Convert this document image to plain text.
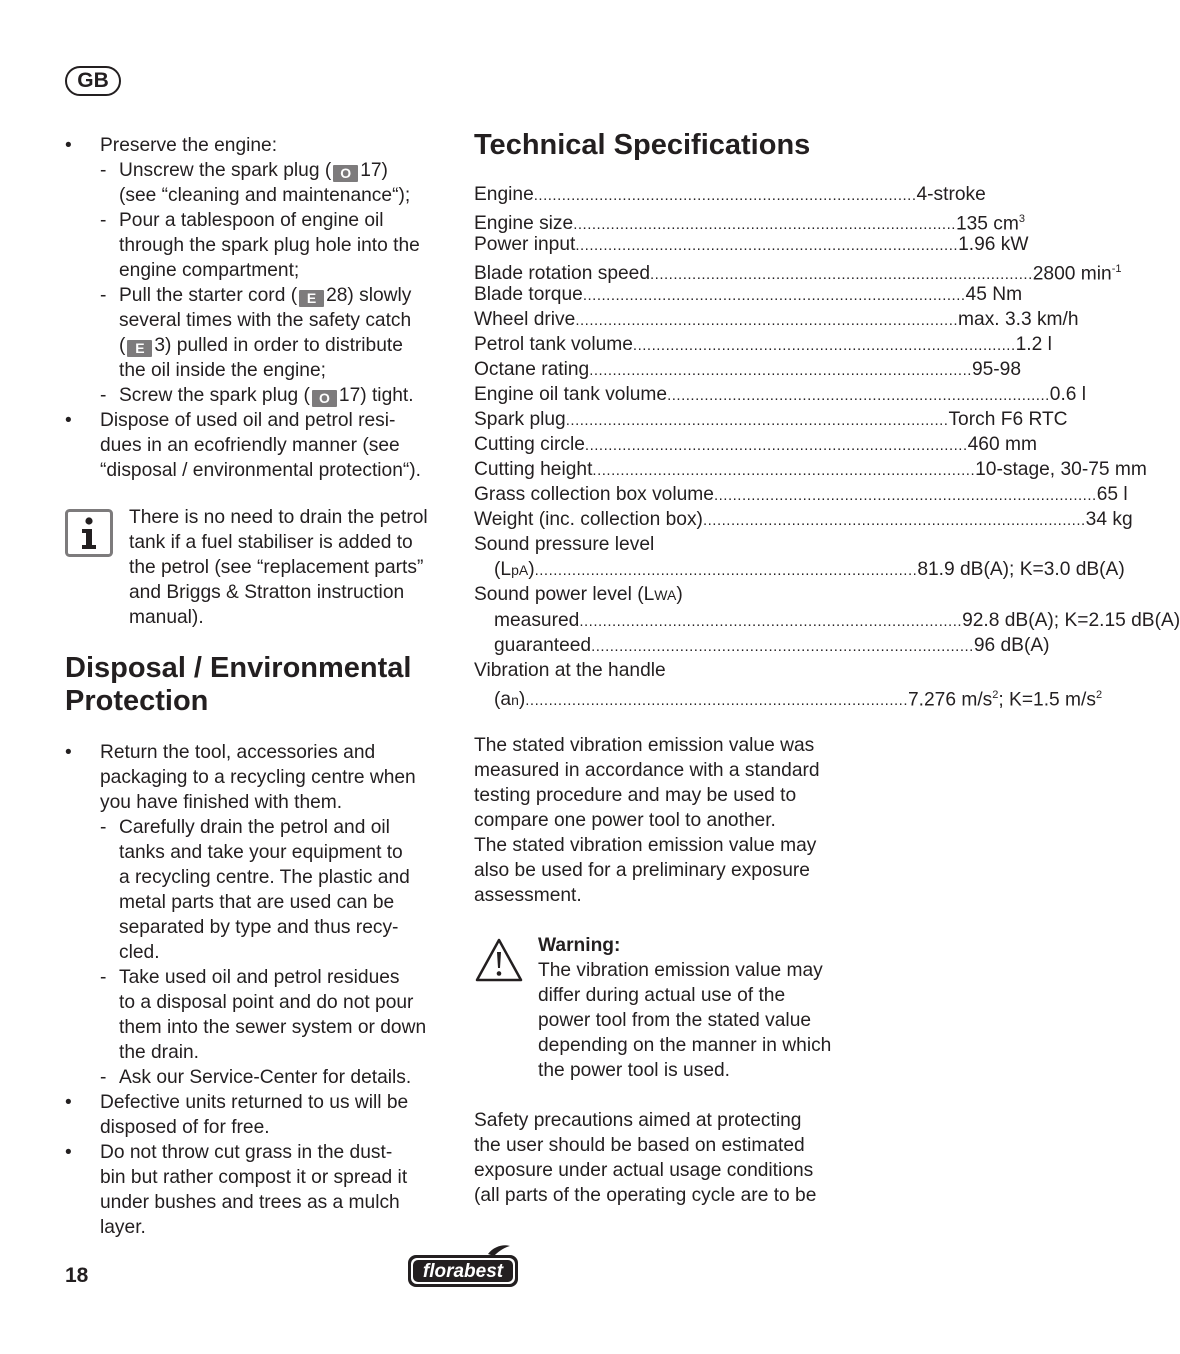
GB
• Preserve the engine:
- Unscrew the spark plug ( O 17)
(see “cleaning and maintenance“);
- Pour a tablespoon of engine oil
through the spark plug hole into the
engine compartment;
- Pull the starter cord ( E 28) slowly
several times with the safety catch
( E 3) pulled in order to distribute
the oil inside the engine;
- Screw the spark plug ( O 17) tight.
• Dispose of used oil and petrol resi-
dues in an ecofriendly manner (see
“disposal / environmental protection“).
There is no need to drain the petrol
tank if a fuel stabiliser is added to
the petrol (see “replacement parts”
and Briggs & Stratton instruction
manual).
Disposal / Environmental
Protection
• Return the tool, accessories and
packaging to a recycling centre when
you have finished with them.
- Carefully drain the petrol and oil
tanks and take your equipment to
a recycling centre. The plastic and
metal parts that are used can be
separated by type and thus recy-
cled.
- Take used oil and petrol residues
to a disposal point and do not pour
them into the sewer system or down
the drain.
- Ask our Service-Center for details.
• Defective units returned to us will be
disposed of for free.
• Do not throw cut grass in the dust-
bin but rather compost it or spread it
under bushes and trees as a mulch
layer.
Technical Specifications
Engine .................................................................................. 4-stroke
Engine size .................................................................................. 135 $cm^3$
Power input .................................................................................. 1.96 kW
Blade rotation speed .................................................................................. 2800 $\min^{-1}$
Blade torque .................................................................................. 45 Nm
Wheel drive .................................................................................. max. 3.3 km/h
Petrol tank volume .................................................................................. 1.2 l
Octane rating .................................................................................. 95-98
Engine oil tank volume .................................................................................. 0.6 l
Spark plug .................................................................................. Torch F6 RTC
Cutting circle .................................................................................. 460 mm
Cutting height .................................................................................. 10-stage, 30-75 mm
Grass collection box volume .................................................................................. 65 l
Weight (inc. collection box) .................................................................................. 34 kg
Sound pressure level
(LpA) .................................................................................. 81.9 dB(A); K=3.0 dB(A)
Sound power level (LWA)
measured .................................................................................. 92.8 dB(A); K=2.15 dB(A)
guaranteed .................................................................................. 96 dB(A)
Vibration at the handle
(an) .................................................................................. 7.276 $m/s^2$; K=1.5 $m/s^2$
The stated vibration emission value was
measured in accordance with a standard
testing procedure and may be used to
compare one power tool to another.
The stated vibration emission value may
also be used for a preliminary exposure
assessment.
Warning:
The vibration emission value may
differ during actual use of the
power tool from the stated value
depending on the manner in which
the power tool is used.
Safety precautions aimed at protecting
the user should be based on estimated
exposure under actual usage conditions
(all parts of the operating cycle are to be
18	florabest
